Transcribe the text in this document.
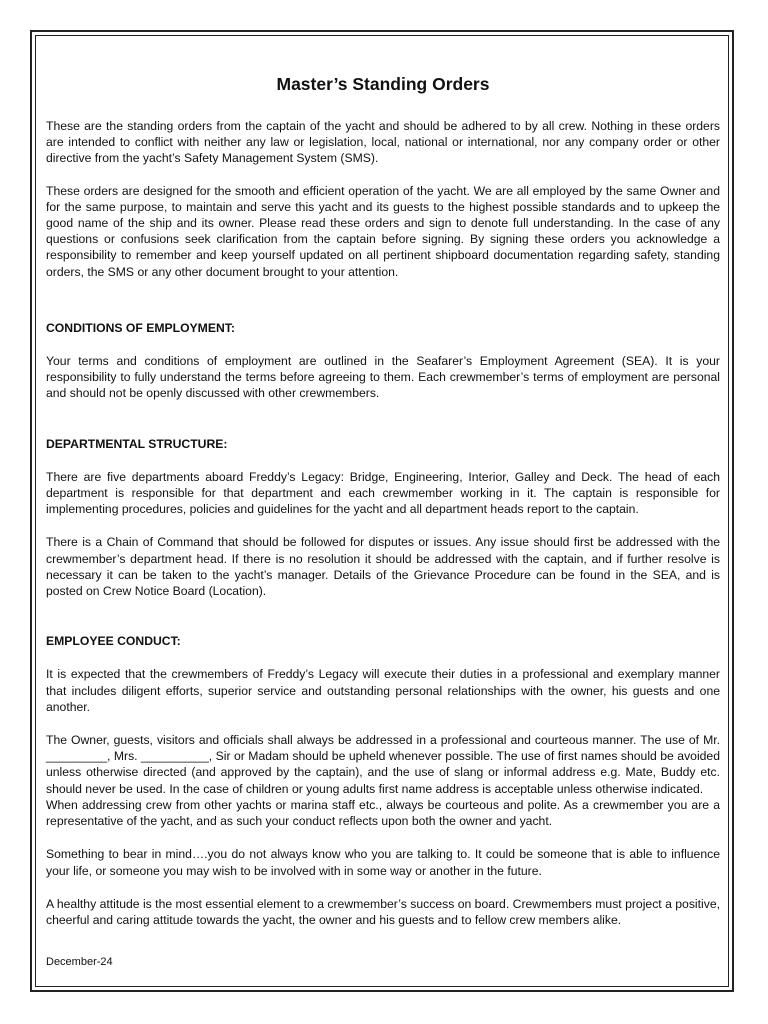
Master’s Standing Orders

These are the standing orders from the captain of the yacht and should be adhered to by all crew. Nothing in these orders are intended to conflict with neither any law or legislation, local, national or international, nor any company order or other directive from the yacht’s Safety Management System (SMS).

These orders are designed for the smooth and efficient operation of the yacht. We are all employed by the same Owner and for the same purpose, to maintain and serve this yacht and its guests to the highest possible standards and to upkeep the good name of the ship and its owner. Please read these orders and sign to denote full understanding. In the case of any questions or confusions seek clarification from the captain before signing. By signing these orders you acknowledge a responsibility to remember and keep yourself updated on all pertinent shipboard documentation regarding safety, standing orders, the SMS or any other document brought to your attention.

CONDITIONS OF EMPLOYMENT:

Your terms and conditions of employment are outlined in the Seafarer’s Employment Agreement (SEA). It is your responsibility to fully understand the terms before agreeing to them. Each crewmember’s terms of employment are personal and should not be openly discussed with other crewmembers.

DEPARTMENTAL STRUCTURE:

There are five departments aboard Freddy’s Legacy: Bridge, Engineering, Interior, Galley and Deck. The head of each department is responsible for that department and each crewmember working in it. The captain is responsible for implementing procedures, policies and guidelines for the yacht and all department heads report to the captain.

There is a Chain of Command that should be followed for disputes or issues. Any issue should first be addressed with the crewmember’s department head. If there is no resolution it should be addressed with the captain, and if further resolve is necessary it can be taken to the yacht’s manager. Details of the Grievance Procedure can be found in the SEA, and is posted on Crew Notice Board (Location).

EMPLOYEE CONDUCT:

It is expected that the crewmembers of Freddy’s Legacy will execute their duties in a professional and exemplary manner that includes diligent efforts, superior service and outstanding personal relationships with the owner, his guests and one another.

The Owner, guests, visitors and officials shall always be addressed in a professional and courteous manner. The use of Mr. _________, Mrs. __________, Sir or Madam should be upheld whenever possible. The use of first names should be avoided unless otherwise directed (and approved by the captain), and the use of slang or informal address e.g. Mate, Buddy etc. should never be used. In the case of children or young adults first name address is acceptable unless otherwise indicated.

When addressing crew from other yachts or marina staff etc., always be courteous and polite. As a crewmember you are a representative of the yacht, and as such your conduct reflects upon both the owner and yacht.

Something to bear in mind….you do not always know who you are talking to. It could be someone that is able to influence your life, or someone you may wish to be involved with in some way or another in the future.

A healthy attitude is the most essential element to a crewmember’s success on board. Crewmembers must project a positive, cheerful and caring attitude towards the yacht, the owner and his guests and to fellow crew members alike.

December-24
